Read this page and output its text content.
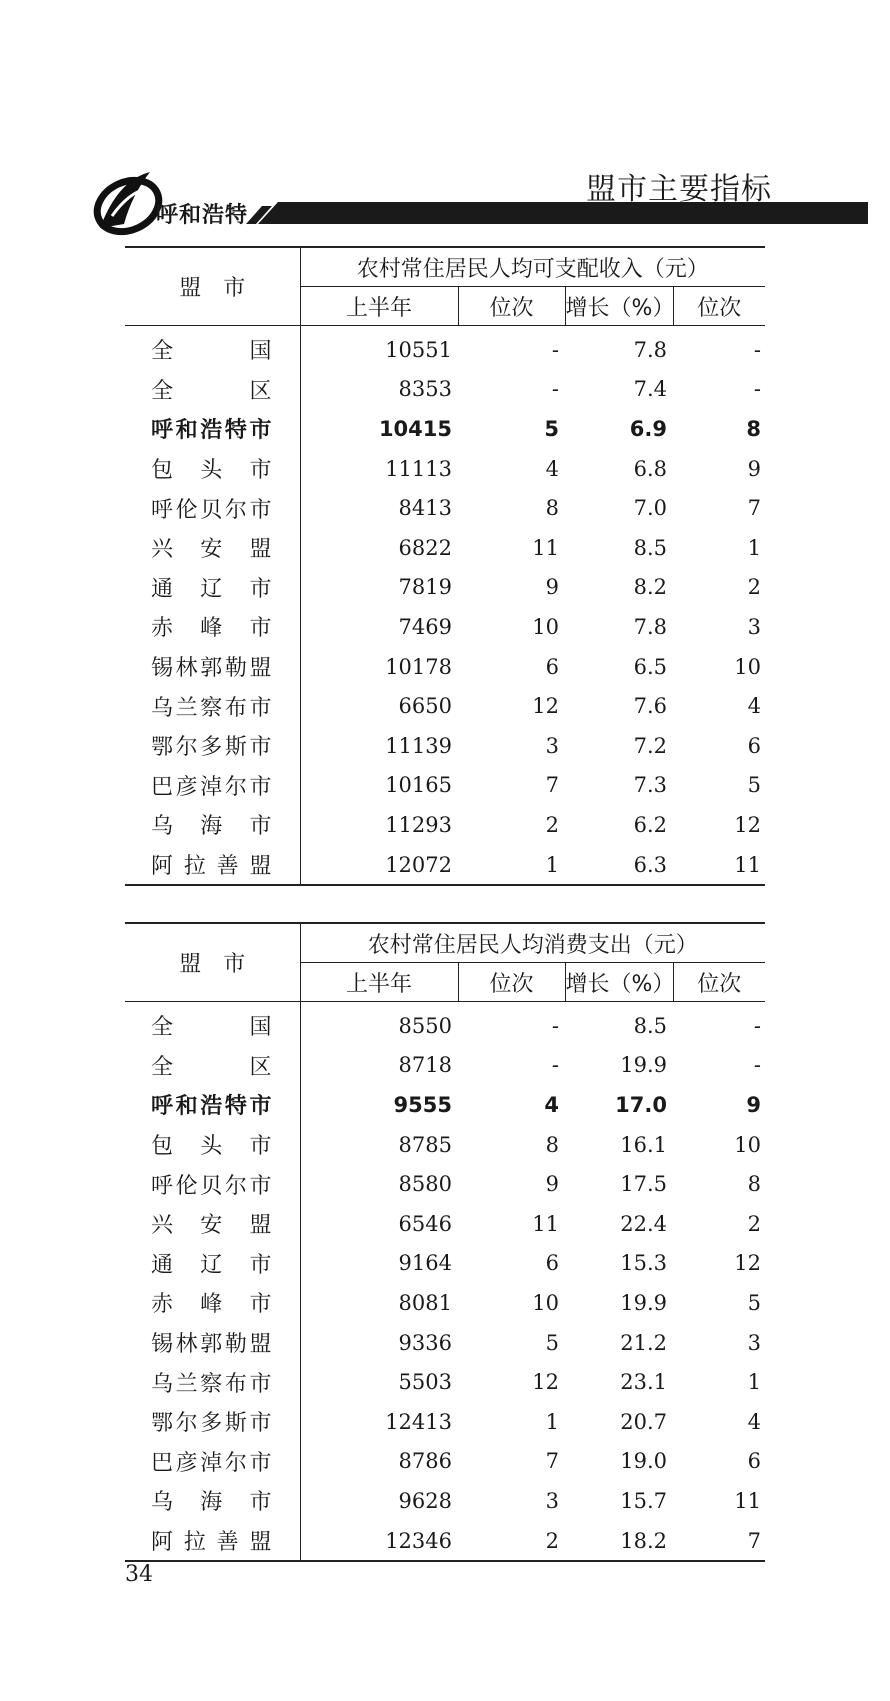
呼和浩特
盟市主要指标
盟市	农村常住居民人均可支配收入（元）			
	上半年	位次	增长（%）	位次
全国	10551	-	7.8	-
全区	8353	-	7.4	-
呼和浩特市	10415	5	6.9	8
包头市	11113	4	6.8	9
呼伦贝尔市	8413	8	7.0	7
兴安盟	6822	11	8.5	1
通辽市	7819	9	8.2	2
赤峰市	7469	10	7.8	3
锡林郭勒盟	10178	6	6.5	10
乌兰察布市	6650	12	7.6	4
鄂尔多斯市	11139	3	7.2	6
巴彦淖尔市	10165	7	7.3	5
乌海市	11293	2	6.2	12
阿拉善盟	12072	1	6.3	11
盟市	农村常住居民人均消费支出（元）			
	上半年	位次	增长（%）	位次
全国	8550	-	8.5	-
全区	8718	-	19.9	-
呼和浩特市	9555	4	17.0	9
包头市	8785	8	16.1	10
呼伦贝尔市	8580	9	17.5	8
兴安盟	6546	11	22.4	2
通辽市	9164	6	15.3	12
赤峰市	8081	10	19.9	5
锡林郭勒盟	9336	5	21.2	3
乌兰察布市	5503	12	23.1	1
鄂尔多斯市	12413	1	20.7	4
巴彦淖尔市	8786	7	19.0	6
乌海市	9628	3	15.7	11
阿拉善盟	12346	2	18.2	7
34
